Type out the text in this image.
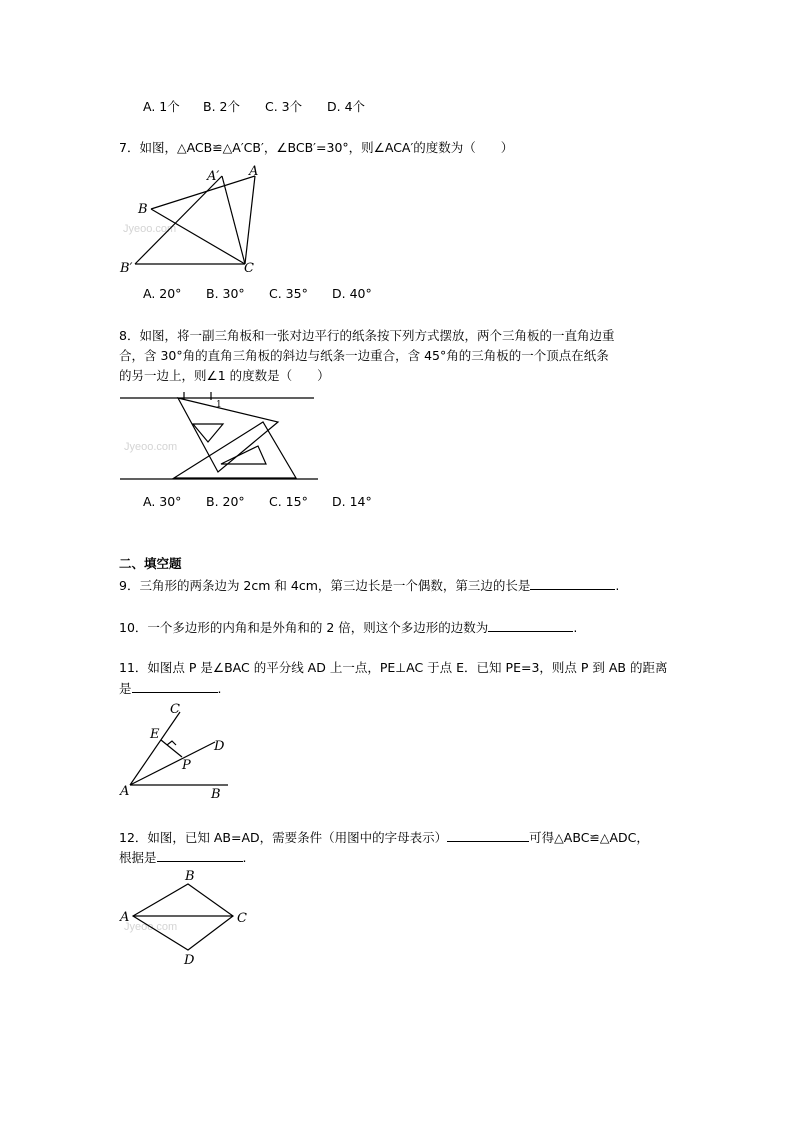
A. 1个 B. 2个 C. 3个 D. 4个
7．如图，△ACB≌△A′CB′，∠BCB′=30°，则∠ACA′的度数为（　　）
Jyeoo.com
A′ A
B
B′	C
A. 20° B. 30° C. 35° D. 40°
8．如图，将一副三角板和一张对边平行的纸条按下列方式摆放，两个三角板的一直角边重
合，含 30°角的直角三角板的斜边与纸条一边重合，含 45°角的三角板的一个顶点在纸条
的另一边上，则∠1 的度数是（　　）
Jyeoo.com
1
A. 30° B. 20° C. 15° D. 14°
二、填空题
9．三角形的两条边为 2cm 和 4cm，第三边长是一个偶数，第三边的长是	.
10．一个多边形的内角和是外角和的 2 倍，则这个多边形的边数为	.
11．如图点 P 是∠BAC 的平分线 AD 上一点，PE⊥AC 于点 E．已知 PE=3，则点 P 到 AB 的距离
是	.
C
E
D
P
A	B
12．如图，已知 AB=AD，需要条件（用图中的字母表示）	可得△ABC≌△ADC，
根据是	.
Jyeoo.com
B
A	C
D
